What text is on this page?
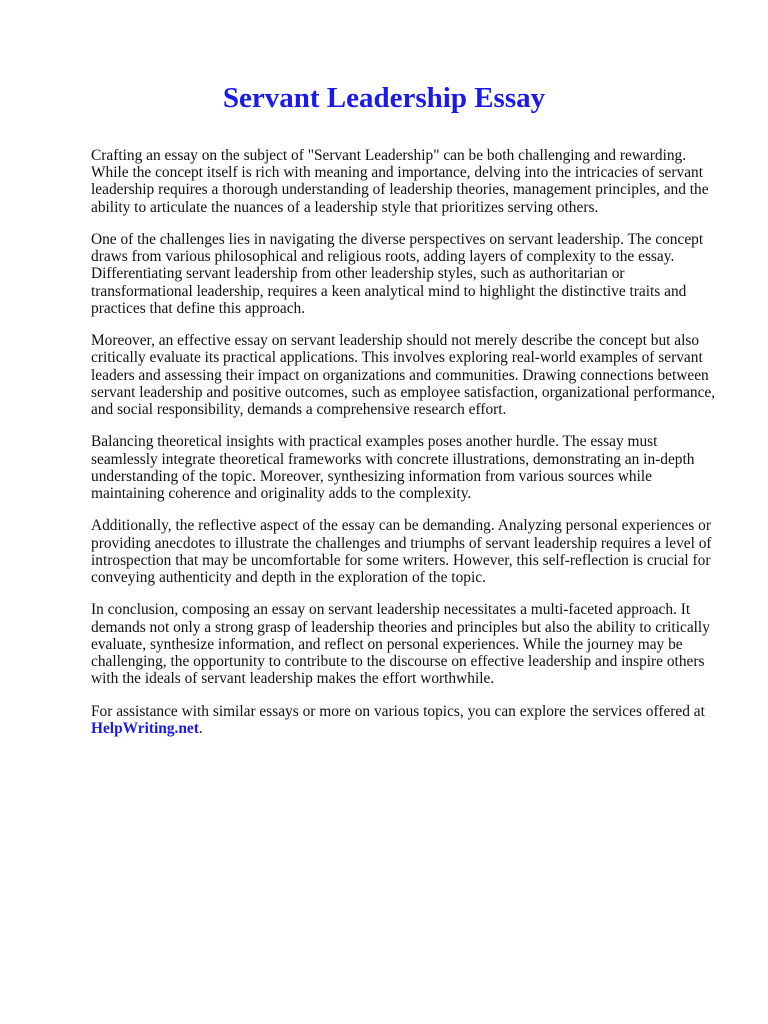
Servant Leadership Essay

Crafting an essay on the subject of "Servant Leadership" can be both challenging and rewarding.
While the concept itself is rich with meaning and importance, delving into the intricacies of servant
leadership requires a thorough understanding of leadership theories, management principles, and the
ability to articulate the nuances of a leadership style that prioritizes serving others.

One of the challenges lies in navigating the diverse perspectives on servant leadership. The concept
draws from various philosophical and religious roots, adding layers of complexity to the essay.
Differentiating servant leadership from other leadership styles, such as authoritarian or
transformational leadership, requires a keen analytical mind to highlight the distinctive traits and
practices that define this approach.

Moreover, an effective essay on servant leadership should not merely describe the concept but also
critically evaluate its practical applications. This involves exploring real-world examples of servant
leaders and assessing their impact on organizations and communities. Drawing connections between
servant leadership and positive outcomes, such as employee satisfaction, organizational performance,
and social responsibility, demands a comprehensive research effort.

Balancing theoretical insights with practical examples poses another hurdle. The essay must
seamlessly integrate theoretical frameworks with concrete illustrations, demonstrating an in-depth
understanding of the topic. Moreover, synthesizing information from various sources while
maintaining coherence and originality adds to the complexity.

Additionally, the reflective aspect of the essay can be demanding. Analyzing personal experiences or
providing anecdotes to illustrate the challenges and triumphs of servant leadership requires a level of
introspection that may be uncomfortable for some writers. However, this self-reflection is crucial for
conveying authenticity and depth in the exploration of the topic.

In conclusion, composing an essay on servant leadership necessitates a multi-faceted approach. It
demands not only a strong grasp of leadership theories and principles but also the ability to critically
evaluate, synthesize information, and reflect on personal experiences. While the journey may be
challenging, the opportunity to contribute to the discourse on effective leadership and inspire others
with the ideals of servant leadership makes the effort worthwhile.

For assistance with similar essays or more on various topics, you can explore the services offered at
HelpWriting.net.
